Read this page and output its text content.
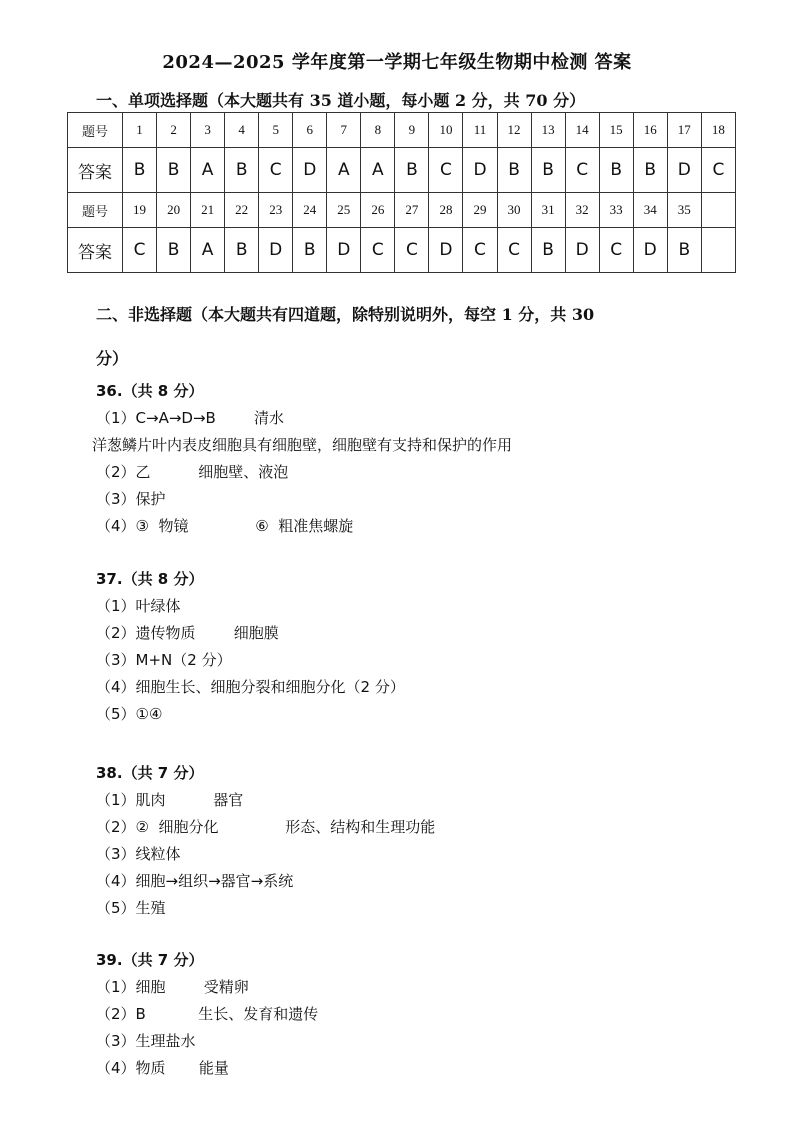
2024—2025 学年度第一学期七年级生物期中检测 答案
一、单项选择题（本大题共有 35 道小题，每小题 2 分，共 70 分）
题号	1	2	3	4	5	6	7	8	9	10	11	12	13	14	15	16	17	18
答案	B	B	A	B	C	D	A	A	B	C	D	B	B	C	B	B	D	C
题号	19	20	21	22	23	24	25	26	27	28	29	30	31	32	33	34	35	
答案	C	B	A	B	D	B	D	C	C	D	C	C	B	D	C	D	B	
二、非选择题（本大题共有四道题，除特别说明外，每空 1 分，共 30
分）
36.（共 8 分）
（1）C→A→D→B        清水
洋葱鳞片叶内表皮细胞具有细胞壁，细胞壁有支持和保护的作用
（2）乙          细胞壁、液泡
（3）保护
（4）③  物镜              ⑥  粗准焦螺旋
37.（共 8 分）
（1）叶绿体
（2）遗传物质        细胞膜
（3）M+N（2 分）
（4）细胞生长、细胞分裂和细胞分化（2 分）
（5）①④
38.（共 7 分）
（1）肌肉          器官
（2）②  细胞分化              形态、结构和生理功能
（3）线粒体
（4）细胞→组织→器官→系统
（5）生殖
39.（共 7 分）
（1）细胞        受精卵
（2）B           生长、发育和遗传
（3）生理盐水
（4）物质       能量
